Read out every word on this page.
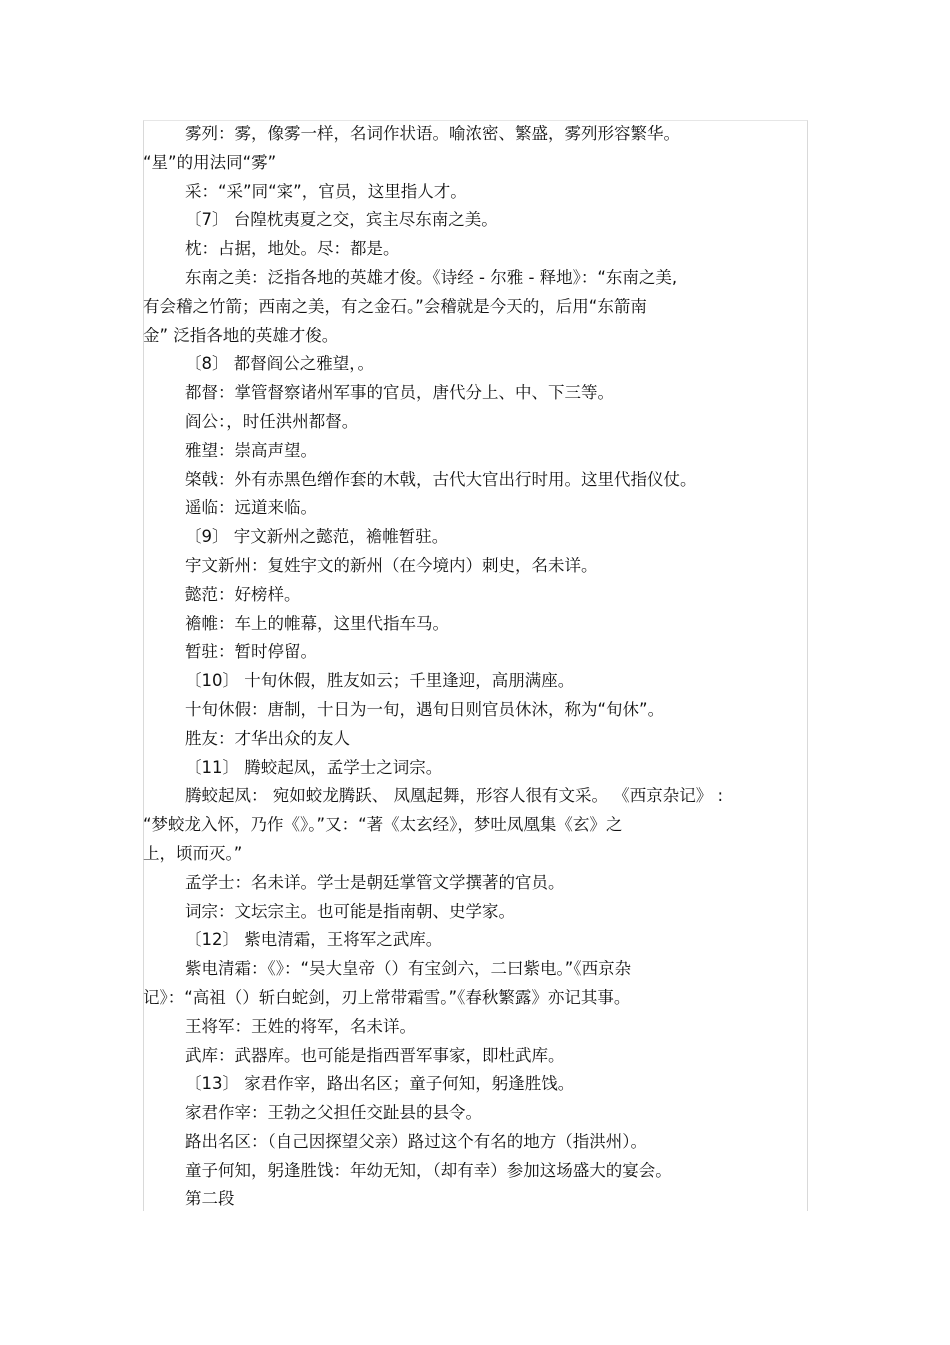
雾列：雾，像雾一样，名词作状语。喻浓密、繁盛，雾列形容繁华。
“星”的用法同“雾”
采：“采”同“寀”，官员，这里指人才。
〔7〕 台隍枕夷夏之交，宾主尽东南之美。
枕：占据，地处。尽：都是。
东南之美：泛指各地的英雄才俊。《诗经 - 尔雅 - 释地》：“东南之美,
有会稽之竹箭；西南之美，有之金石。”会稽就是今天的，后用“东箭南
金” 泛指各地的英雄才俊。
〔8〕 都督阎公之雅望，。
都督：掌管督察诸州军事的官员，唐代分上、中、下三等。
阎公：，时任洪州都督。
雅望：崇高声望。
棨戟：外有赤黑色缯作套的木戟，古代大官出行时用。这里代指仪仗。
遥临：远道来临。
〔9〕 宇文新州之懿范，襜帷暂驻。
宇文新州：复姓宇文的新州（在今境内）刺史，名未详。
懿范：好榜样。
襜帷：车上的帷幕，这里代指车马。
暂驻：暂时停留。
〔10〕 十旬休假，胜友如云；千里逢迎，高朋满座。
十旬休假：唐制，十日为一旬，遇旬日则官员休沐，称为“旬休”。
胜友：才华出众的友人
〔11〕 腾蛟起凤，孟学士之词宗。
腾蛟起凤： 宛如蛟龙腾跃、 凤凰起舞，形容人很有文采。 《西京杂记》 :
“梦蛟龙入怀，乃作《》。”又：“著《太玄经》，梦吐凤凰集《玄》之
上，顷而灭。”
孟学士：名未详。学士是朝廷掌管文学撰著的官员。
词宗：文坛宗主。也可能是指南朝、史学家。
〔12〕 紫电清霜，王将军之武库。
紫电清霜：《》：“吴大皇帝（）有宝剑六，二曰紫电。”《西京杂
记》：“高祖（）斩白蛇剑，刃上常带霜雪。”《春秋繁露》亦记其事。
王将军：王姓的将军，名未详。
武库：武器库。也可能是指西晋军事家，即杜武库。
〔13〕 家君作宰，路出名区；童子何知，躬逢胜饯。
家君作宰：王勃之父担任交趾县的县令。
路出名区：（自己因探望父亲）路过这个有名的地方（指洪州）。
童子何知，躬逢胜饯：年幼无知，（却有幸）参加这场盛大的宴会。
第二段
